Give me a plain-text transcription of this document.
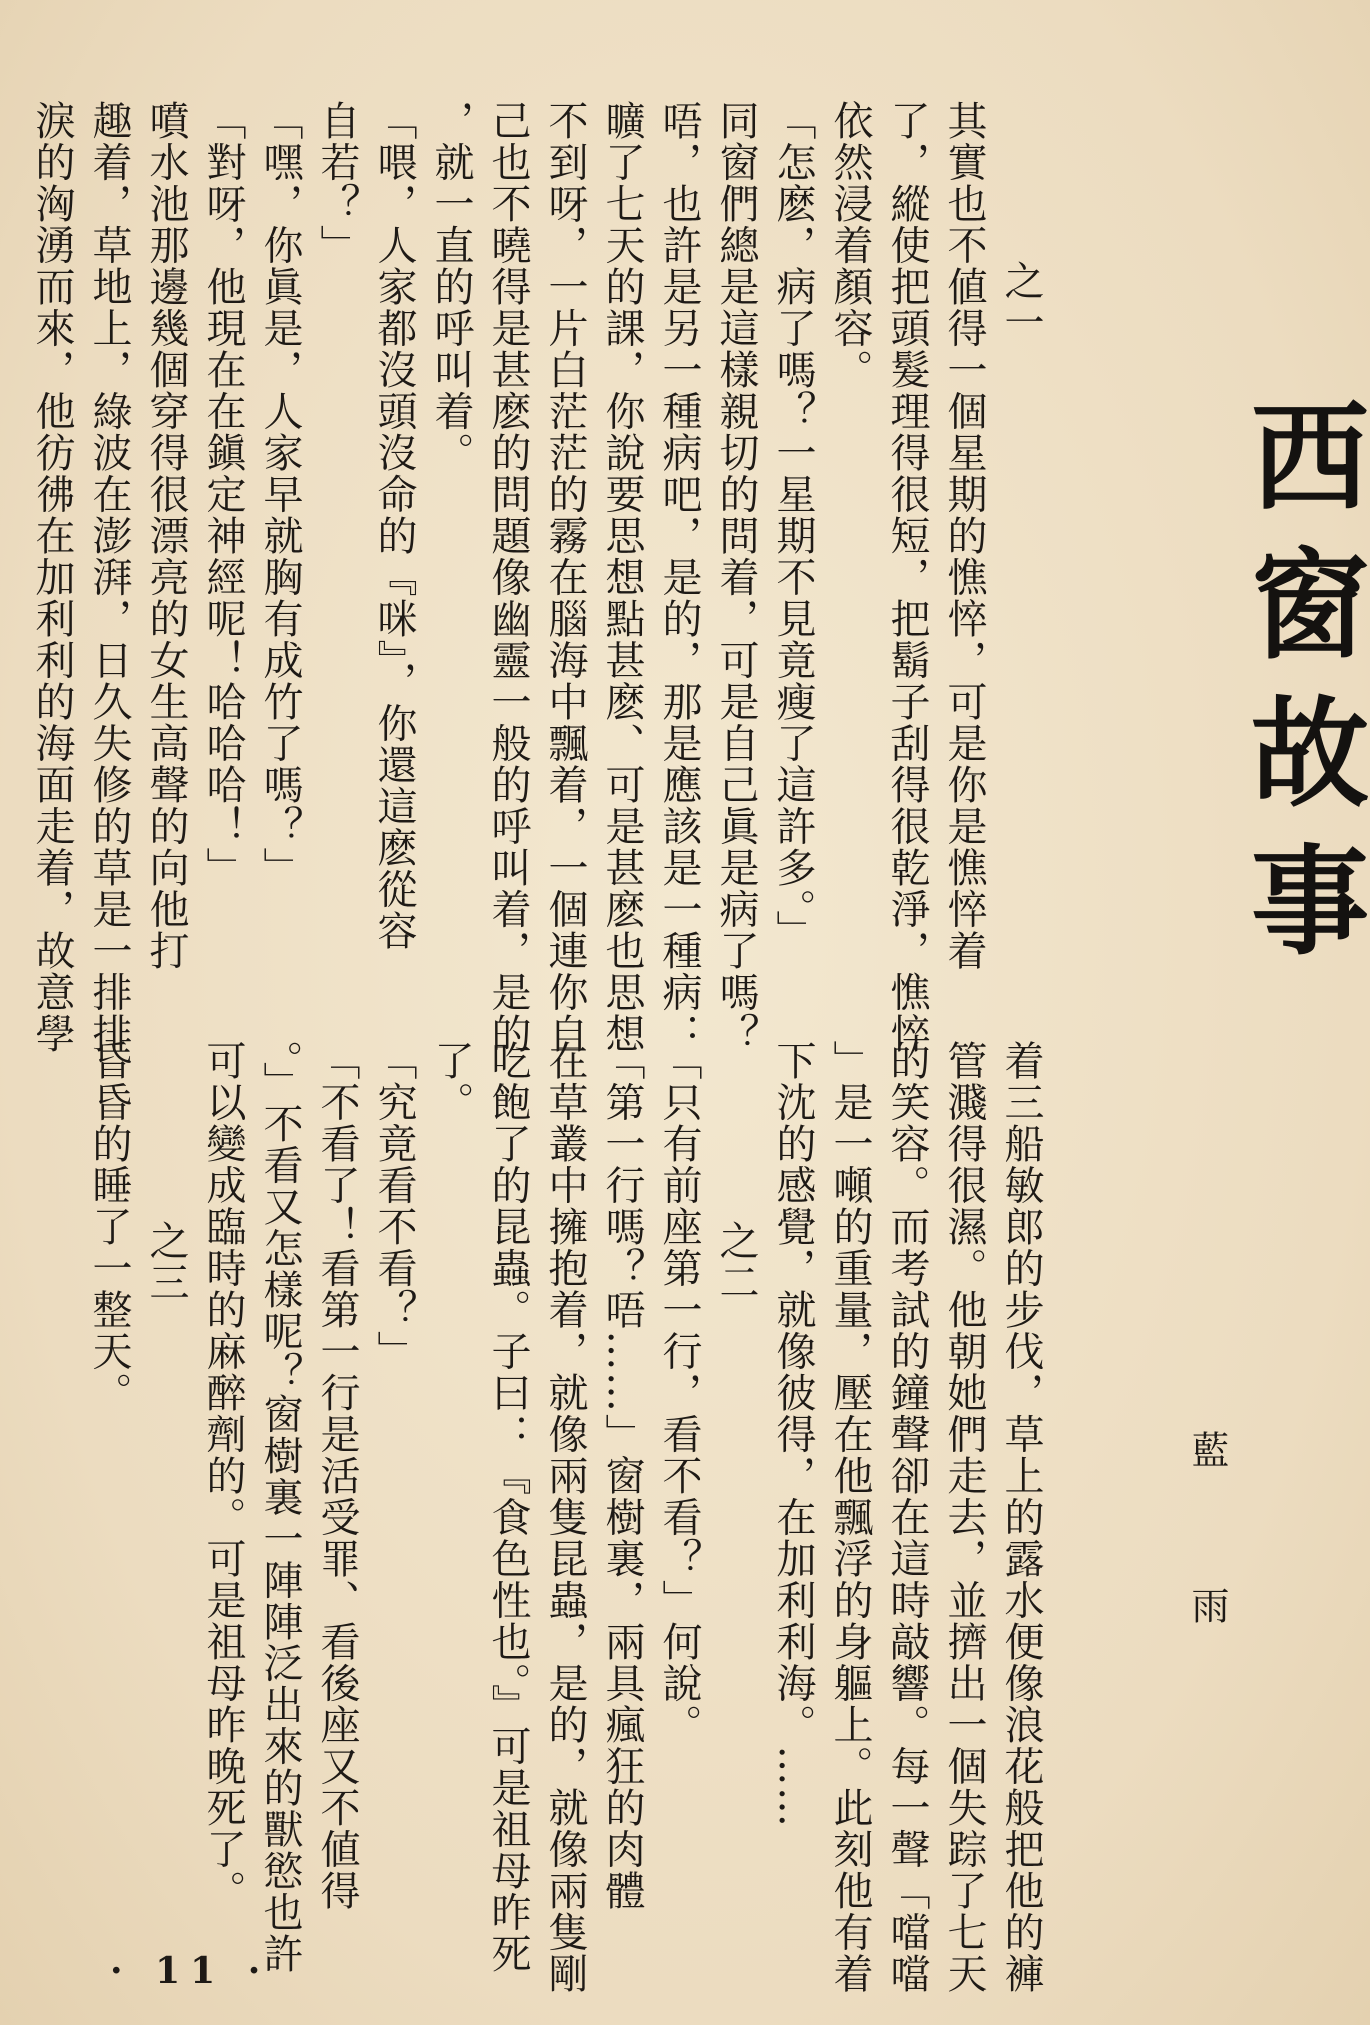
西窗故事
藍　雨

之一

其實也不値得一個星期的憔悴，可是你是憔悴着

了，縱使把頭髮理得很短，把鬍子刮得很乾淨，憔悴

依然浸着顏容。

「怎麽，病了嗎？一星期不見竟瘦了這許多。」

同窗們總是這樣親切的問着，可是自己眞是病了嗎？

唔，也許是另一種病吧，是的，那是應該是一種病：

曠了七天的課，你說要思想點甚麽、可是甚麽也思想

不到呀，一片白茫茫的霧在腦海中飄着，一個連你自

己也不曉得是甚麽的問題像幽靈一般的呼叫着，是的

，就一直的呼叫着。

「喂，人家都沒頭沒命的『咪』，你還這麽從容

自若？」

「嘿，你眞是，人家早就胸有成竹了嗎？」

「對呀，他現在在鎭定神經呢！哈哈哈！」

噴水池那邊幾個穿得很漂亮的女生高聲的向他打

趣着，草地上，綠波在澎湃，日久失修的草是一排排

淚的洶湧而來，他彷彿在加利利的海面走着，故意學

着三船敏郎的步伐，草上的露水便像浪花般把他的褲

管濺得很濕。他朝她們走去，並擠出一個失踪了七天

的笑容。而考試的鐘聲卻在這時敲響。每一聲「噹噹

」是一噸的重量，壓在他飄浮的身軀上。此刻他有着

下沈的感覺，就像彼得，在加利利海。……

之二

「只有前座第一行，看不看？」何說。

「第一行嗎？唔……」窗樹裏，兩具瘋狂的肉體

在草叢中擁抱着，就像兩隻昆蟲，是的，就像兩隻剛

吃飽了的昆蟲。子曰：『食色性也。』可是祖母昨死

了。

「究竟看不看？」

「不看了！看第一行是活受罪、看後座又不値得

。」不看又怎樣呢？窗樹裏一陣陣泛出來的獸慾也許

可以變成臨時的麻醉劑的。可是祖母昨晚死了。

之三

昏昏的睡了一整天。

· 11 ·
